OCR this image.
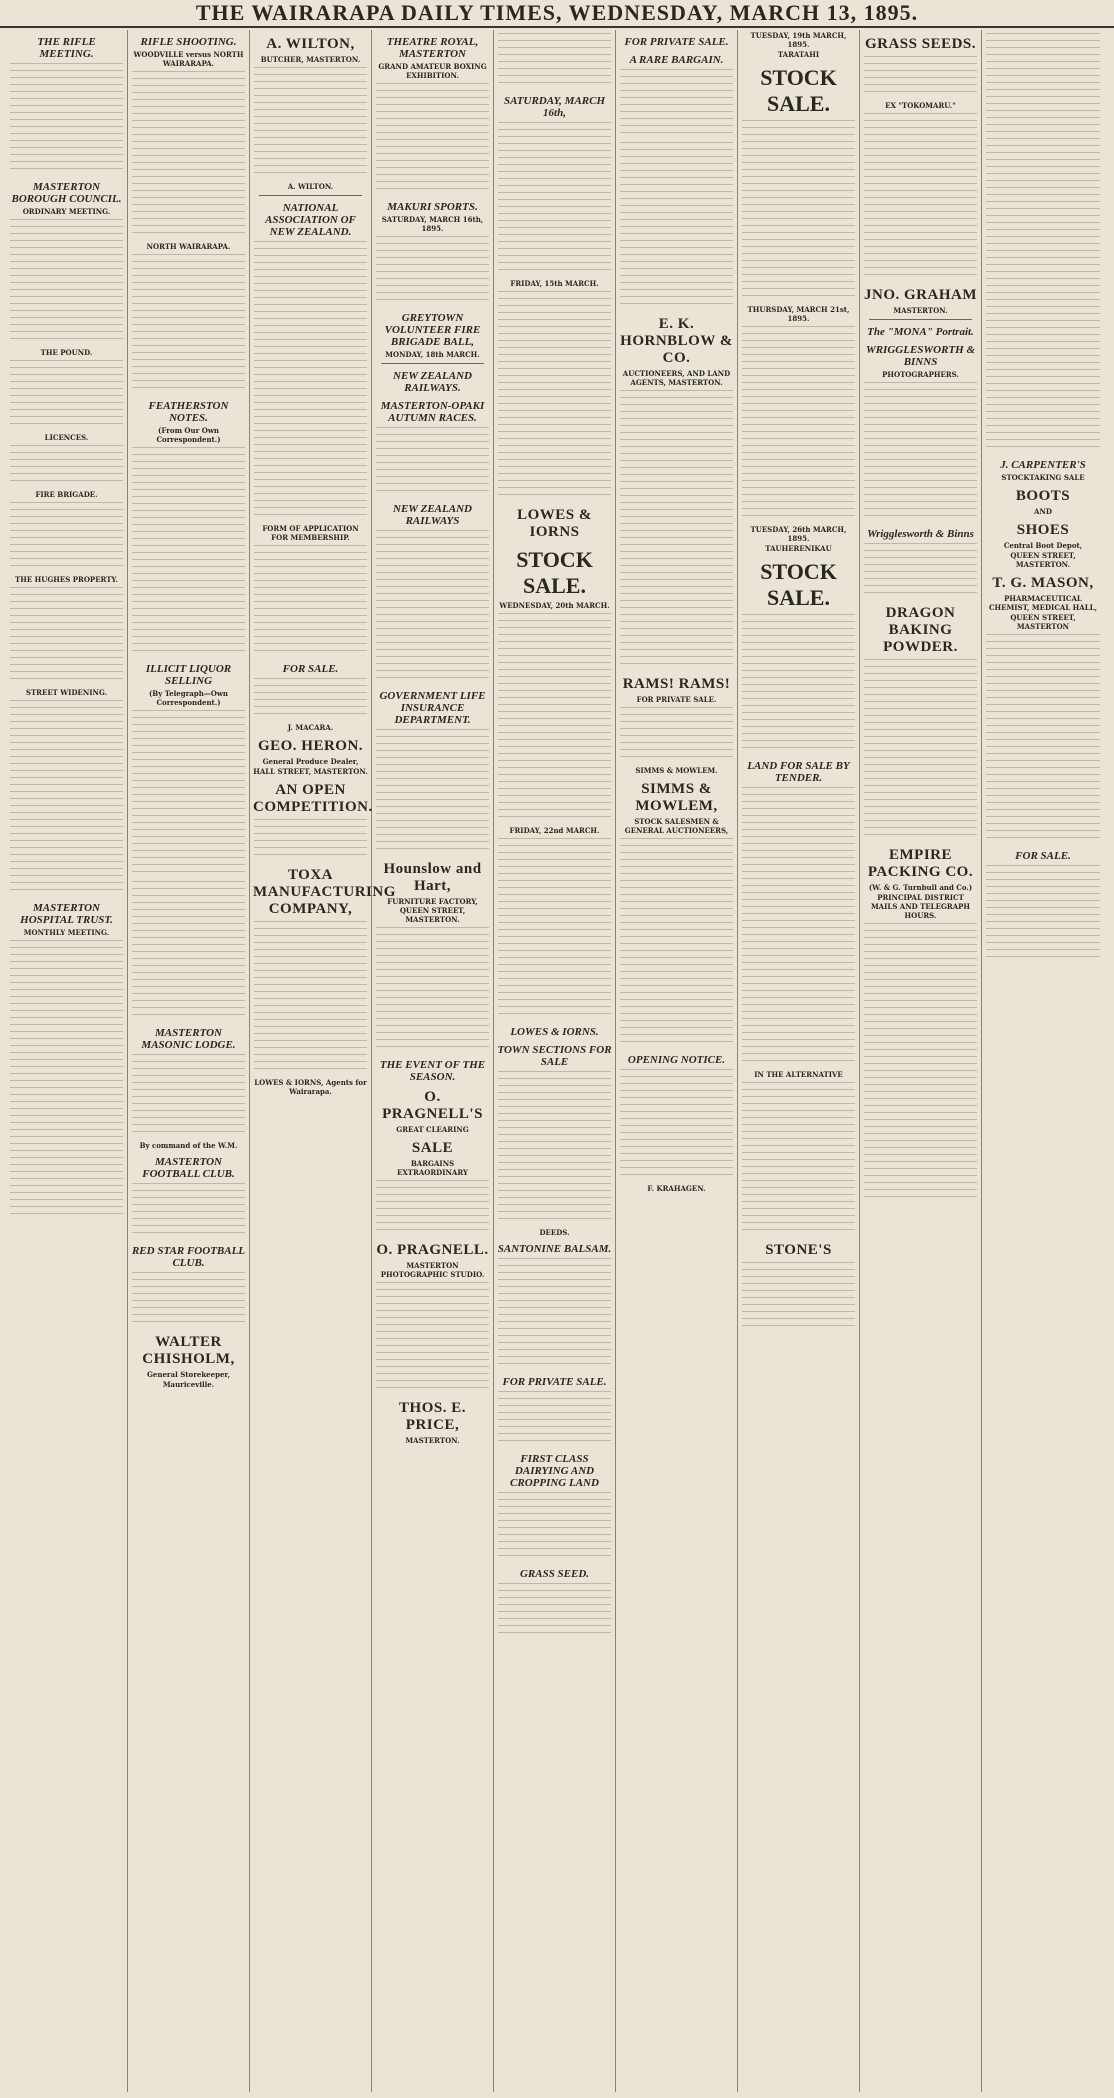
THE WAIRARAPA DAILY TIMES, WEDNESDAY, MARCH 13, 1895.
THE RIFLE MEETING.
MASTERTON BOROUGH COUNCIL.
ORDINARY MEETING.
THE POUND.
LICENCES.
FIRE BRIGADE.
THE HUGHES PROPERTY.
STREET WIDENING.
MASTERTON HOSPITAL TRUST.
MONTHLY MEETING.
RIFLE SHOOTING.
WOODVILLE versus NORTH WAIRARAPA.
NORTH WAIRARAPA.
FEATHERSTON NOTES.
(From Our Own Correspondent.)
ILLICIT LIQUOR SELLING
(By Telegraph—Own Correspondent.)
MASTERTON MASONIC LODGE.
By command of the W.M.
MASTERTON FOOTBALL CLUB.
RED STAR FOOTBALL CLUB.
WALTER CHISHOLM,
General Storekeeper,
Mauriceville.
A. WILTON,
BUTCHER, MASTERTON.
A. WILTON.
NATIONAL ASSOCIATION OF NEW ZEALAND.
FORM OF APPLICATION FOR MEMBERSHIP.
FOR SALE.
J. MACARA.
GEO. HERON.
General Produce Dealer,
HALL STREET, MASTERTON.
AN OPEN COMPETITION.
TOXA MANUFACTURING COMPANY,
LOWES & IORNS, Agents for Wairarapa.
THEATRE ROYAL, MASTERTON
GRAND AMATEUR BOXING EXHIBITION.
MAKURI SPORTS.
SATURDAY, MARCH 16th, 1895.
GREYTOWN VOLUNTEER FIRE BRIGADE BALL,
MONDAY, 18th MARCH.
NEW ZEALAND RAILWAYS.
MASTERTON-OPAKI AUTUMN RACES.
NEW ZEALAND RAILWAYS
GOVERNMENT LIFE INSURANCE DEPARTMENT.
Hounslow and Hart,
FURNITURE FACTORY, QUEEN STREET, MASTERTON.
THE EVENT OF THE SEASON.
O. PRAGNELL'S
GREAT CLEARING
SALE
BARGAINS EXTRAORDINARY
O. PRAGNELL.
MASTERTON PHOTOGRAPHIC STUDIO.
THOS. E. PRICE,
MASTERTON.
SATURDAY, MARCH 16th,
FRIDAY, 15th MARCH.
LOWES & IORNS
STOCK SALE.
WEDNESDAY, 20th MARCH.
FRIDAY, 22nd MARCH.
LOWES & IORNS.
TOWN SECTIONS FOR SALE
DEEDS.
SANTONINE BALSAM.
FOR PRIVATE SALE.
FIRST CLASS DAIRYING AND CROPPING LAND
GRASS SEED.
FOR PRIVATE SALE.
A RARE BARGAIN.
E. K. HORNBLOW & CO.
AUCTIONEERS, AND LAND AGENTS, MASTERTON.
RAMS! RAMS!
FOR PRIVATE SALE.
SIMMS & MOWLEM.
SIMMS & MOWLEM,
STOCK SALESMEN & GENERAL AUCTIONEERS,
OPENING NOTICE.
F. KRAHAGEN.
TUESDAY, 19th MARCH, 1895.
TARATAHI
STOCK SALE.
THURSDAY, MARCH 21st, 1895.
TUESDAY, 26th MARCH, 1895.
TAUHERENIKAU
STOCK SALE.
LAND FOR SALE BY TENDER.
IN THE ALTERNATIVE
STONE'S
GRASS SEEDS.
EX "TOKOMARU."
JNO. GRAHAM
MASTERTON.
The "MONA" Portrait.
WRIGGLESWORTH & BINNS
PHOTOGRAPHERS.
Wrigglesworth & Binns
DRAGON BAKING POWDER.
EMPIRE PACKING CO.
(W. & G. Turnbull and Co.)
PRINCIPAL DISTRICT MAILS AND TELEGRAPH HOURS.
J. CARPENTER'S
STOCKTAKING SALE
BOOTS
AND
SHOES
Central Boot Depot,
QUEEN STREET, MASTERTON.
T. G. MASON,
PHARMACEUTICAL CHEMIST, MEDICAL HALL,
QUEEN STREET, MASTERTON
FOR SALE.
